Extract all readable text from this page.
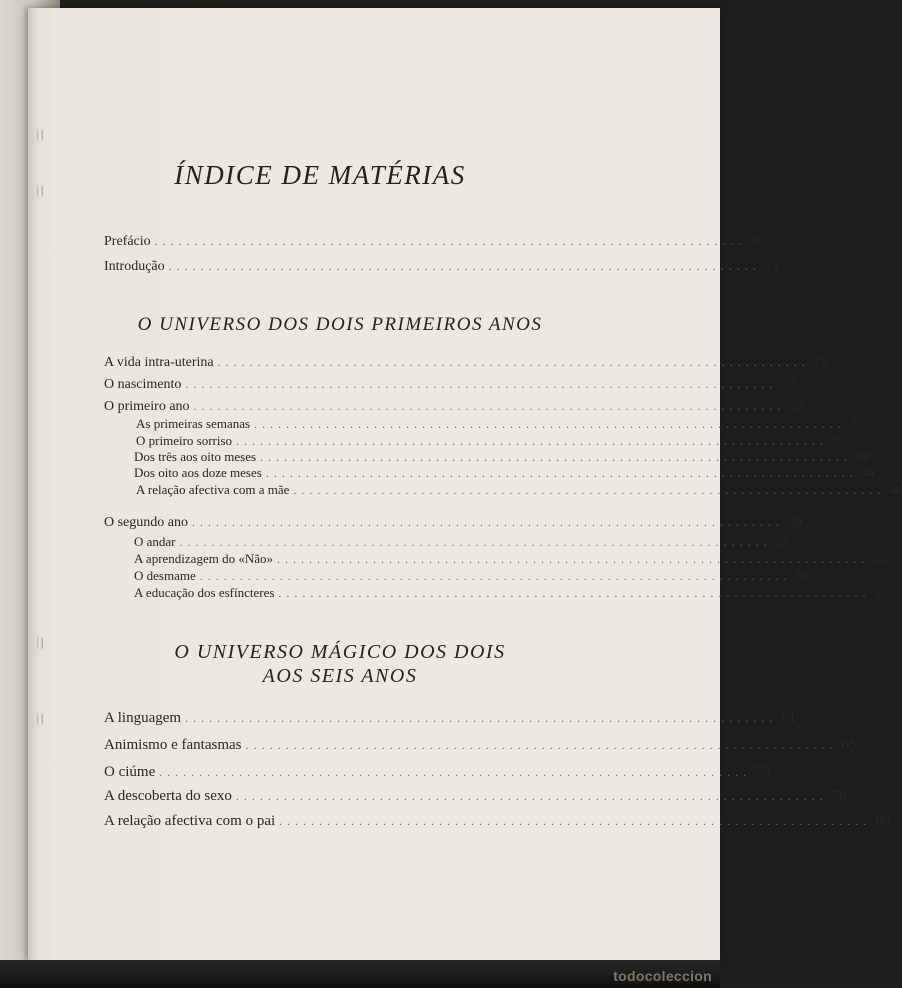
ÍNDICE DE MATÉRIAS
Prefácio .......................................................................... 9
Introdução .......................................................................... 13
O UNIVERSO DOS DOIS PRIMEIROS ANOS
A vida intra-uterina .......................................................................... 19
O nascimento .......................................................................... 23
O primeiro ano .......................................................................... 25
As primeiras semanas .......................................................................... 25
O primeiro sorriso .......................................................................... 33
Dos três aos oito meses .......................................................................... 38
Dos oito aos doze meses .......................................................................... 44
A relação afectiva com a mãe .......................................................................... 44
O segundo ano .......................................................................... 50
O andar .......................................................................... 52
A aprendizagem do «Não» .......................................................................... 55
O desmame .......................................................................... 56
A educação dos esfíncteres .......................................................................... 57
O UNIVERSO MÁGICO DOS DOIS
AOS SEIS ANOS
A linguagem .......................................................................... 61
Animismo e fantasmas .......................................................................... 65
O ciúme .......................................................................... 73
A descoberta do sexo .......................................................................... 76
A relação afectiva com o pai .......................................................................... 80
todocoleccion
